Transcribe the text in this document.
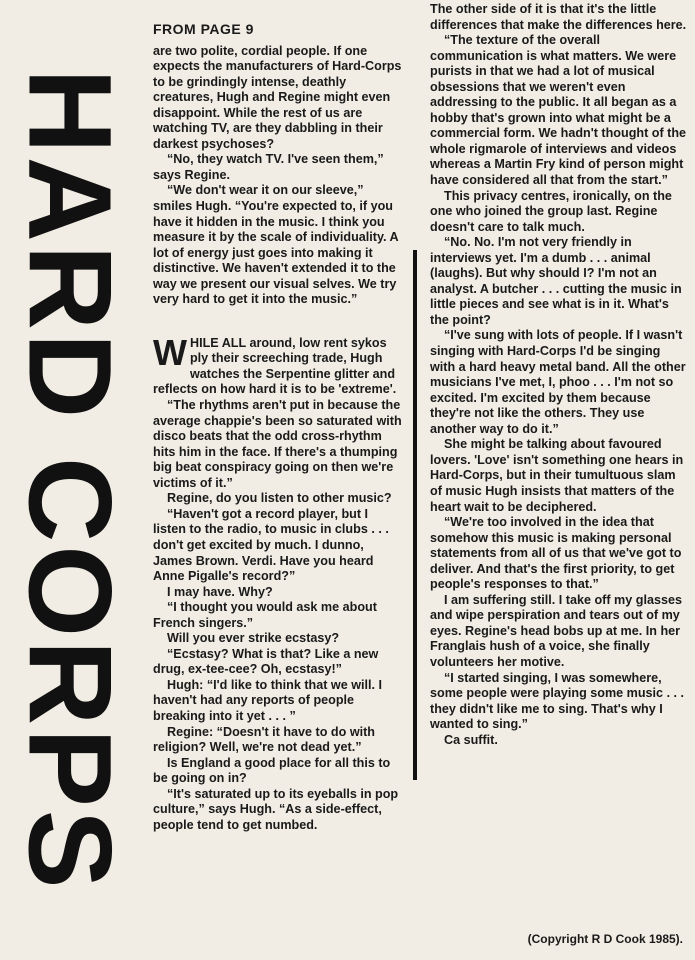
HARD CORPS
FROM PAGE 9

are two polite, cordial people. If one expects the manufacturers of Hard-Corps to be grindingly intense, deathly creatures, Hugh and Regine might even disappoint. While the rest of us are watching TV, are they dabbling in their darkest psychoses?

“No, they watch TV. I've seen them,” says Regine.

“We don't wear it on our sleeve,” smiles Hugh. “You're expected to, if you have it hidden in the music. I think you measure it by the scale of individuality. A lot of energy just goes into making it distinctive. We haven't extended it to the way we present our visual selves. We try very hard to get it into the music.”

WHILE ALL around, low rent sykos ply their screeching trade, Hugh watches the Serpentine glitter and reflects on how hard it is to be 'extreme'.

“The rhythms aren't put in because the average chappie's been so saturated with disco beats that the odd cross-rhythm hits him in the face. If there's a thumping big beat conspiracy going on then we're victims of it.”

Regine, do you listen to other music?

“Haven't got a record player, but I listen to the radio, to music in clubs . . . don't get excited by much. I dunno, James Brown. Verdi. Have you heard Anne Pigalle's record?”

I may have. Why?

“I thought you would ask me about French singers.”

Will you ever strike ecstasy?

“Ecstasy? What is that? Like a new drug, ex-tee-cee? Oh, ecstasy!”

Hugh: “I'd like to think that we will. I haven't had any reports of people breaking into it yet . . . ”

Regine: “Doesn't it have to do with religion? Well, we're not dead yet.”

Is England a good place for all this to be going on in?

“It's saturated up to its eyeballs in pop culture,” says Hugh. “As a side-effect, people tend to get numbed.

The other side of it is that it's the little differences that make the differences here.

“The texture of the overall communication is what matters. We were purists in that we had a lot of musical obsessions that we weren't even addressing to the public. It all began as a hobby that's grown into what might be a commercial form. We hadn't thought of the whole rigmarole of interviews and videos whereas a Martin Fry kind of person might have considered all that from the start.”

This privacy centres, ironically, on the one who joined the group last. Regine doesn't care to talk much.

“No. No. I'm not very friendly in interviews yet. I'm a dumb . . . animal (laughs). But why should I? I'm not an analyst. A butcher . . . cutting the music in little pieces and see what is in it. What's the point?

“I've sung with lots of people. If I wasn't singing with Hard-Corps I'd be singing with a hard heavy metal band. All the other musicians I've met, I, phoo . . . I'm not so excited. I'm excited by them because they're not like the others. They use another way to do it.”

She might be talking about favoured lovers. 'Love' isn't something one hears in Hard-Corps, but in their tumultuous slam of music Hugh insists that matters of the heart wait to be deciphered.

“We're too involved in the idea that somehow this music is making personal statements from all of us that we've got to deliver. And that's the first priority, to get people's responses to that.”

I am suffering still. I take off my glasses and wipe perspiration and tears out of my eyes. Regine's head bobs up at me. In her Franglais hush of a voice, she finally volunteers her motive.

“I started singing, I was somewhere, some people were playing some music . . . they didn't like me to sing. That's why I wanted to sing.”

Ca suffit.

(Copyright R D Cook 1985).
